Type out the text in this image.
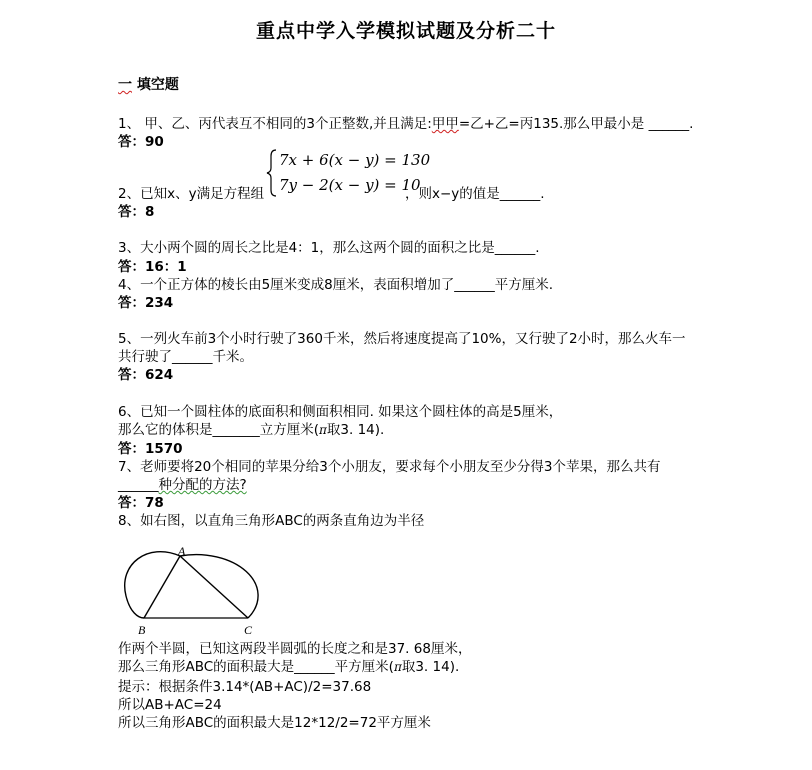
重点中学入学模拟试题及分析二十
一 填空题
1、 甲、乙、丙代表互不相同的3个正整数,并且满足:甲甲=乙+乙=丙135.那么甲最小是 ______.
答：90
2、已知x、y满足方程组
7x + 6(x − y) = 130
7y − 2(x − y) = 10
，则x−y的值是______.
答：8
3、大小两个圆的周长之比是4：1，那么这两个圆的面积之比是______.
答：16：1
4、一个正方体的棱长由5厘米变成8厘米，表面积增加了______平方厘米.
答：234
5、一列火车前3个小时行驶了360千米，然后将速度提高了10%，又行驶了2小时，那么火车一
共行驶了______千米。
答：624
6、已知一个圆柱体的底面积和侧面积相同. 如果这个圆柱体的高是5厘米，
那么它的体积是_______立方厘米(π取3. 14).
答：1570
7、老师要将20个相同的苹果分给3个小朋友，要求每个小朋友至少分得3个苹果，那么共有
______种分配的方法?
答：78
8、如右图，以直角三角形ABC的两条直角边为半径
A
B	C
作两个半圆，已知这两段半圆弧的长度之和是37. 68厘米，
那么三角形ABC的面积最大是______平方厘米(π取3. 14).
提示：根据条件3.14*(AB+AC)/2=37.68
所以AB+AC=24
所以三角形ABC的面积最大是12*12/2=72平方厘米
